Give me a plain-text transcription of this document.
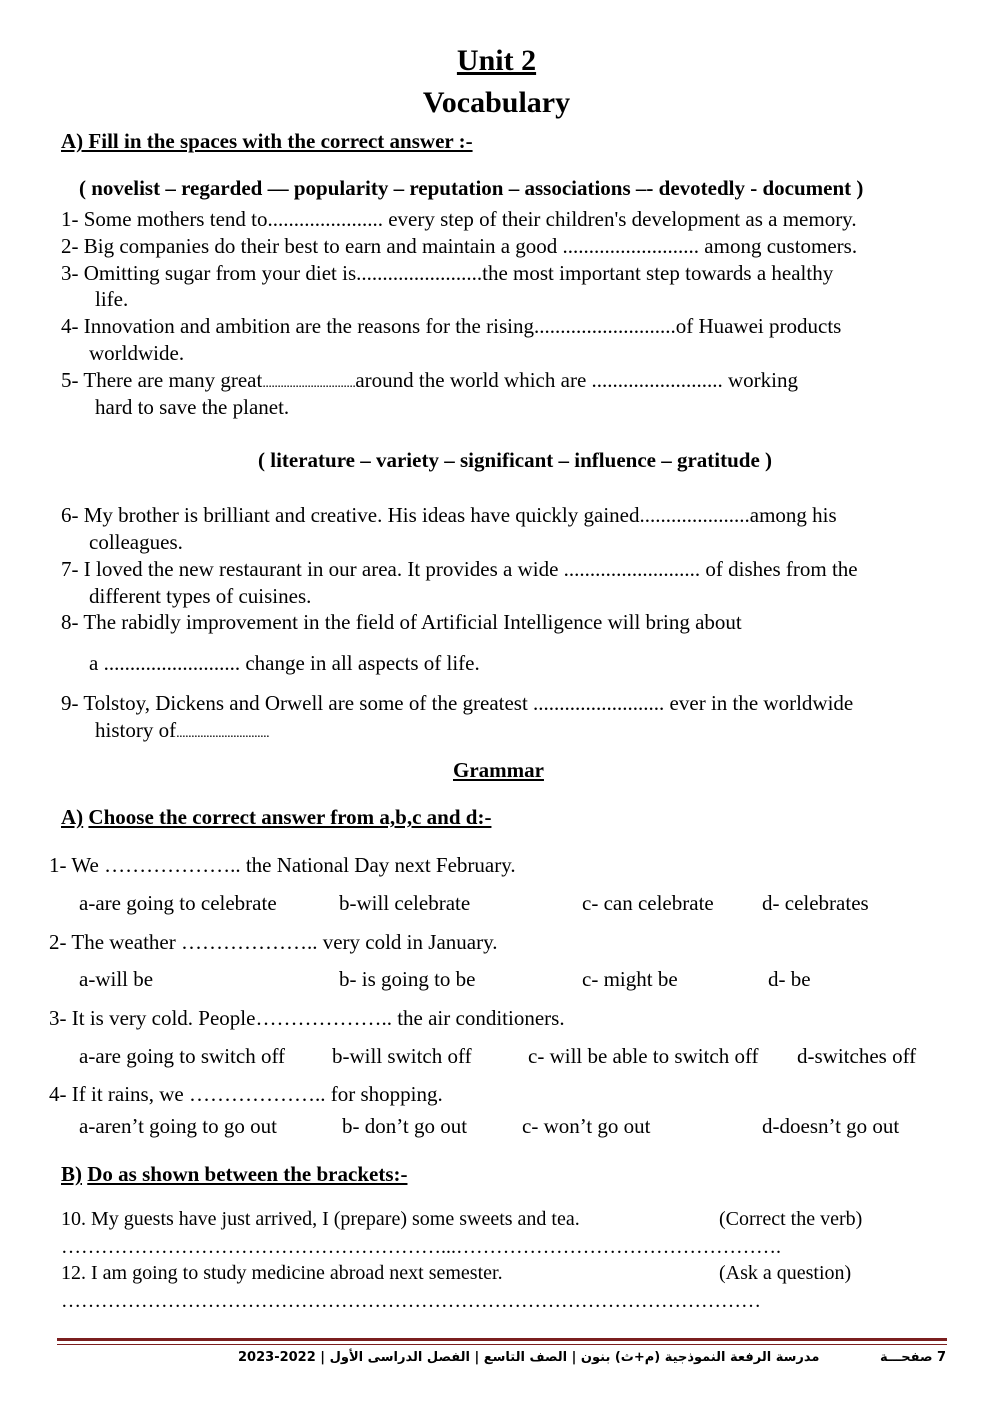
Unit 2
Vocabulary
A) Fill in the spaces with the correct answer :-
( novelist – regarded –– popularity – reputation – associations –- devotedly - document )
1- Some mothers tend to...................... every step of their children's development as a memory.
2- Big companies do their best to earn and maintain a good .......................... among customers.
3- Omitting sugar from your diet is........................the most important step towards a healthy
life.
4- Innovation and ambition are the reasons for the rising...........................of Huawei products
worldwide.
5- There are many great...............................around the world which are ......................... working
hard to save the planet.
( literature – variety – significant – influence – gratitude )
6- My brother is brilliant and creative. His ideas have quickly gained.....................among his
colleagues.
7- I loved the new restaurant in our area. It provides a wide .......................... of dishes from the
different types of cuisines.
8- The rabidly improvement in the field of Artificial Intelligence will bring about
a .......................... change in all aspects of life.
9- Tolstoy, Dickens and Orwell are some of the greatest ......................... ever in the worldwide
history of...............................
Grammar
A) Choose the correct answer from a,b,c and d:-
1- We ……………….. the National Day next February.
a-are going to celebrate	b-will celebrate	c- can celebrate d- celebrates
2- The weather ……………….. very cold in January.
a-will be	b- is going to be	c- might be	d- be
3- It is very cold. People……………….. the air conditioners.
a-are going to switch off b-will switch off	c- will be able to switch off d-switches off
4- If it rains, we ……………….. for shopping.
a-aren’t going to go out	b- don’t go out	c- won’t go out	d-doesn’t go out
B) Do as shown between the brackets:-
10. My guests have just arrived, I (prepare) some sweets and tea.	(Correct the verb)
…………………………………………………...………………………………………….
12. I am going to study medicine abroad next semester.	(Ask a question)
……………………………………………………………………………………………
مدرسة الرفعة النموذجية (م+ث) بنون | الصف التاسع | الفصل الدراسى الأول | 2022-2023	7 صفحـــة
